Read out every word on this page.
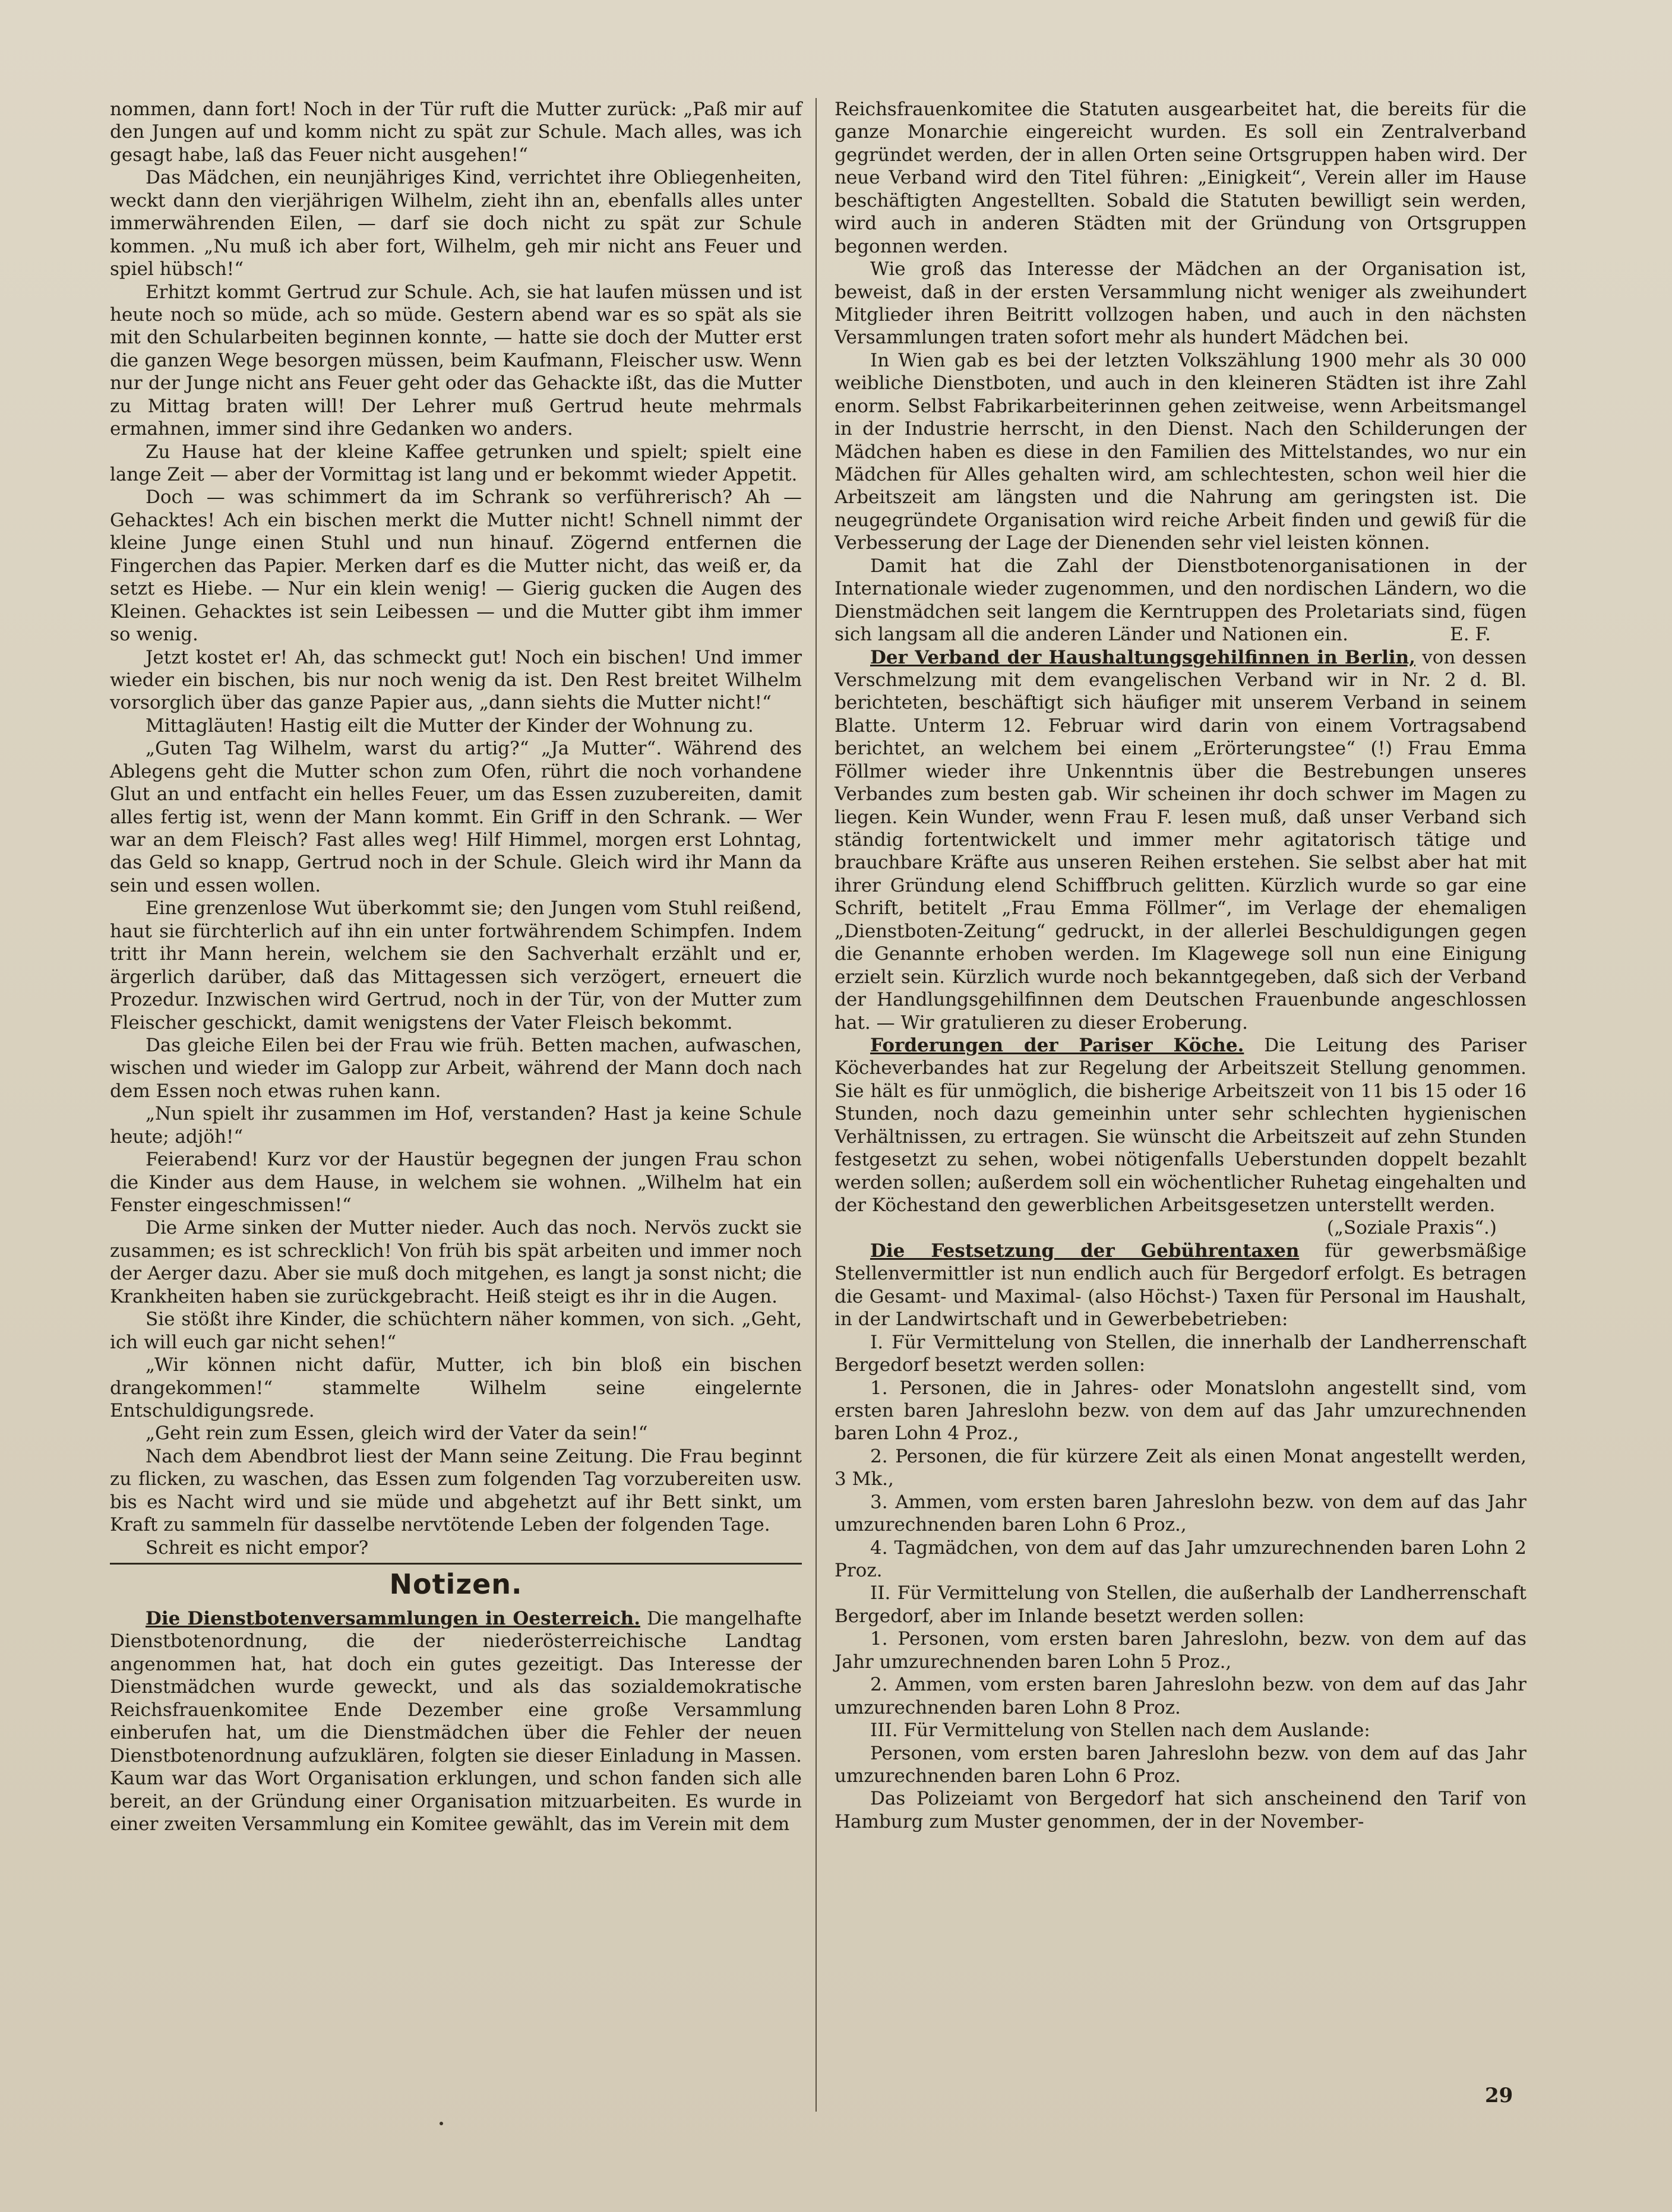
nommen, dann fort! Noch in der Tür ruft die Mutter zurück: „Paß mir auf den Jungen auf und komm nicht zu spät zur Schule. Mach alles, was ich gesagt habe, laß das Feuer nicht ausgehen!“

Das Mädchen, ein neunjähriges Kind, verrichtet ihre Obliegenheiten, weckt dann den vierjährigen Wilhelm, zieht ihn an, ebenfalls alles unter immerwährenden Eilen, — darf sie doch nicht zu spät zur Schule kommen. „Nu muß ich aber fort, Wilhelm, geh mir nicht ans Feuer und spiel hübsch!“

Erhitzt kommt Gertrud zur Schule. Ach, sie hat laufen müssen und ist heute noch so müde, ach so müde. Gestern abend war es so spät als sie mit den Schularbeiten beginnen konnte, — hatte sie doch der Mutter erst die ganzen Wege besorgen müssen, beim Kaufmann, Fleischer usw. Wenn nur der Junge nicht ans Feuer geht oder das Gehackte ißt, das die Mutter zu Mittag braten will! Der Lehrer muß Gertrud heute mehrmals ermahnen, immer sind ihre Gedanken wo anders.

Zu Hause hat der kleine Kaffee getrunken und spielt; spielt eine lange Zeit — aber der Vormittag ist lang und er bekommt wieder Appetit.

Doch — was schimmert da im Schrank so verführerisch? Ah — Gehacktes! Ach ein bischen merkt die Mutter nicht! Schnell nimmt der kleine Junge einen Stuhl und nun hinauf. Zögernd entfernen die Fingerchen das Papier. Merken darf es die Mutter nicht, das weiß er, da setzt es Hiebe. — Nur ein klein wenig! — Gierig gucken die Augen des Kleinen. Gehacktes ist sein Leibessen — und die Mutter gibt ihm immer so wenig.

Jetzt kostet er! Ah, das schmeckt gut! Noch ein bischen! Und immer wieder ein bischen, bis nur noch wenig da ist. Den Rest breitet Wilhelm vorsorglich über das ganze Papier aus, „dann siehts die Mutter nicht!“

Mittagläuten! Hastig eilt die Mutter der Kinder der Wohnung zu.

„Guten Tag Wilhelm, warst du artig?“ „Ja Mutter“. Während des Ablegens geht die Mutter schon zum Ofen, rührt die noch vorhandene Glut an und entfacht ein helles Feuer, um das Essen zuzubereiten, damit alles fertig ist, wenn der Mann kommt. Ein Griff in den Schrank. — Wer war an dem Fleisch? Fast alles weg! Hilf Himmel, morgen erst Lohntag, das Geld so knapp, Gertrud noch in der Schule. Gleich wird ihr Mann da sein und essen wollen.

Eine grenzenlose Wut überkommt sie; den Jungen vom Stuhl reißend, haut sie fürchterlich auf ihn ein unter fortwährendem Schimpfen. Indem tritt ihr Mann herein, welchem sie den Sachverhalt erzählt und er, ärgerlich darüber, daß das Mittagessen sich verzögert, erneuert die Prozedur. Inzwischen wird Gertrud, noch in der Tür, von der Mutter zum Fleischer geschickt, damit wenigstens der Vater Fleisch bekommt.

Das gleiche Eilen bei der Frau wie früh. Betten machen, aufwaschen, wischen und wieder im Galopp zur Arbeit, während der Mann doch nach dem Essen noch etwas ruhen kann.

„Nun spielt ihr zusammen im Hof, verstanden? Hast ja keine Schule heute; adjöh!“

Feierabend! Kurz vor der Haustür begegnen der jungen Frau schon die Kinder aus dem Hause, in welchem sie wohnen. „Wilhelm hat ein Fenster eingeschmissen!“

Die Arme sinken der Mutter nieder. Auch das noch. Nervös zuckt sie zusammen; es ist schrecklich! Von früh bis spät arbeiten und immer noch der Aerger dazu. Aber sie muß doch mitgehen, es langt ja sonst nicht; die Krankheiten haben sie zurückgebracht. Heiß steigt es ihr in die Augen.

Sie stößt ihre Kinder, die schüchtern näher kommen, von sich. „Geht, ich will euch gar nicht sehen!“

„Wir können nicht dafür, Mutter, ich bin bloß ein bischen drangekommen!“ stammelte Wilhelm seine eingelernte Entschuldigungsrede.

„Geht rein zum Essen, gleich wird der Vater da sein!“

Nach dem Abendbrot liest der Mann seine Zeitung. Die Frau beginnt zu flicken, zu waschen, das Essen zum folgenden Tag vorzubereiten usw. bis es Nacht wird und sie müde und abgehetzt auf ihr Bett sinkt, um Kraft zu sammeln für dasselbe nervtötende Leben der folgenden Tage.

Schreit es nicht empor?

Notizen.

Die Dienstbotenversammlungen in Oesterreich. Die mangelhafte Dienstbotenordnung, die der niederösterreichische Landtag angenommen hat, hat doch ein gutes gezeitigt. Das Interesse der Dienstmädchen wurde geweckt, und als das sozialdemokratische Reichsfrauenkomitee Ende Dezember eine große Versammlung einberufen hat, um die Dienstmädchen über die Fehler der neuen Dienstbotenordnung aufzuklären, folgten sie dieser Einladung in Massen. Kaum war das Wort Organisation erklungen, und schon fanden sich alle bereit, an der Gründung einer Organisation mitzuarbeiten. Es wurde in einer zweiten Versammlung ein Komitee gewählt, das im Verein mit dem

Reichsfrauenkomitee die Statuten ausgearbeitet hat, die bereits für die ganze Monarchie eingereicht wurden. Es soll ein Zentralverband gegründet werden, der in allen Orten seine Ortsgruppen haben wird. Der neue Verband wird den Titel führen: „Einigkeit“, Verein aller im Hause beschäftigten Angestellten. Sobald die Statuten bewilligt sein werden, wird auch in anderen Städten mit der Gründung von Ortsgruppen begonnen werden.

Wie groß das Interesse der Mädchen an der Organisation ist, beweist, daß in der ersten Versammlung nicht weniger als zweihundert Mitglieder ihren Beitritt vollzogen haben, und auch in den nächsten Versammlungen traten sofort mehr als hundert Mädchen bei.

In Wien gab es bei der letzten Volkszählung 1900 mehr als 30 000 weibliche Dienstboten, und auch in den kleineren Städten ist ihre Zahl enorm. Selbst Fabrikarbeiterinnen gehen zeitweise, wenn Arbeitsmangel in der Industrie herrscht, in den Dienst. Nach den Schilderungen der Mädchen haben es diese in den Familien des Mittelstandes, wo nur ein Mädchen für Alles gehalten wird, am schlechtesten, schon weil hier die Arbeitszeit am längsten und die Nahrung am geringsten ist. Die neugegründete Organisation wird reiche Arbeit finden und gewiß für die Verbesserung der Lage der Dienenden sehr viel leisten können.

Damit hat die Zahl der Dienstbotenorganisationen in der Internationale wieder zugenommen, und den nordischen Ländern, wo die Dienstmädchen seit langem die Kerntruppen des Proletariats sind, fügen sich langsam all die anderen Länder und Nationen ein.	E. F.

Der Verband der Haushaltungsgehilfinnen in Berlin, von dessen Verschmelzung mit dem evangelischen Verband wir in Nr. 2 d. Bl. berichteten, beschäftigt sich häufiger mit unserem Verband in seinem Blatte. Unterm 12. Februar wird darin von einem Vortragsabend berichtet, an welchem bei einem „Erörterungstee“ (!) Frau Emma Föllmer wieder ihre Unkenntnis über die Bestrebungen unseres Verbandes zum besten gab. Wir scheinen ihr doch schwer im Magen zu liegen. Kein Wunder, wenn Frau F. lesen muß, daß unser Verband sich ständig fortentwickelt und immer mehr agitatorisch tätige und brauchbare Kräfte aus unseren Reihen erstehen. Sie selbst aber hat mit ihrer Gründung elend Schiffbruch gelitten. Kürzlich wurde so gar eine Schrift, betitelt „Frau Emma Föllmer“, im Verlage der ehemaligen „Dienstboten-Zeitung“ gedruckt, in der allerlei Beschuldigungen gegen die Genannte erhoben werden. Im Klagewege soll nun eine Einigung erzielt sein. Kürzlich wurde noch bekanntgegeben, daß sich der Verband der Handlungsgehilfinnen dem Deutschen Frauenbunde angeschlossen hat. — Wir gratulieren zu dieser Eroberung.

Forderungen der Pariser Köche. Die Leitung des Pariser Köcheverbandes hat zur Regelung der Arbeitszeit Stellung genommen. Sie hält es für unmöglich, die bisherige Arbeitszeit von 11 bis 15 oder 16 Stunden, noch dazu gemeinhin unter sehr schlechten hygienischen Verhältnissen, zu ertragen. Sie wünscht die Arbeitszeit auf zehn Stunden festgesetzt zu sehen, wobei nötigenfalls Ueberstunden doppelt bezahlt werden sollen; außerdem soll ein wöchentlicher Ruhetag eingehalten und der Köchestand den gewerblichen Arbeitsgesetzen unterstellt werden.

(„Soziale Praxis“.)

Die Festsetzung der Gebührentaxen für gewerbsmäßige Stellenvermittler ist nun endlich auch für Bergedorf erfolgt. Es betragen die Gesamt- und Maximal- (also Höchst-) Taxen für Personal im Haushalt, in der Landwirtschaft und in Gewerbebetrieben:

I. Für Vermittelung von Stellen, die innerhalb der Landherrenschaft Bergedorf besetzt werden sollen:

1. Personen, die in Jahres- oder Monatslohn angestellt sind, vom ersten baren Jahreslohn bezw. von dem auf das Jahr umzurechnenden baren Lohn 4 Proz.,

2. Personen, die für kürzere Zeit als einen Monat angestellt werden, 3 Mk.,

3. Ammen, vom ersten baren Jahreslohn bezw. von dem auf das Jahr umzurechnenden baren Lohn 6 Proz.,

4. Tagmädchen, von dem auf das Jahr umzurechnenden baren Lohn 2 Proz.

II. Für Vermittelung von Stellen, die außerhalb der Landherrenschaft Bergedorf, aber im Inlande besetzt werden sollen:

1. Personen, vom ersten baren Jahreslohn, bezw. von dem auf das Jahr umzurechnenden baren Lohn 5 Proz.,

2. Ammen, vom ersten baren Jahreslohn bezw. von dem auf das Jahr umzurechnenden baren Lohn 8 Proz.

III. Für Vermittelung von Stellen nach dem Auslande:

Personen, vom ersten baren Jahreslohn bezw. von dem auf das Jahr umzurechnenden baren Lohn 6 Proz.

Das Polizeiamt von Bergedorf hat sich anscheinend den Tarif von Hamburg zum Muster genommen, der in der November-

29
